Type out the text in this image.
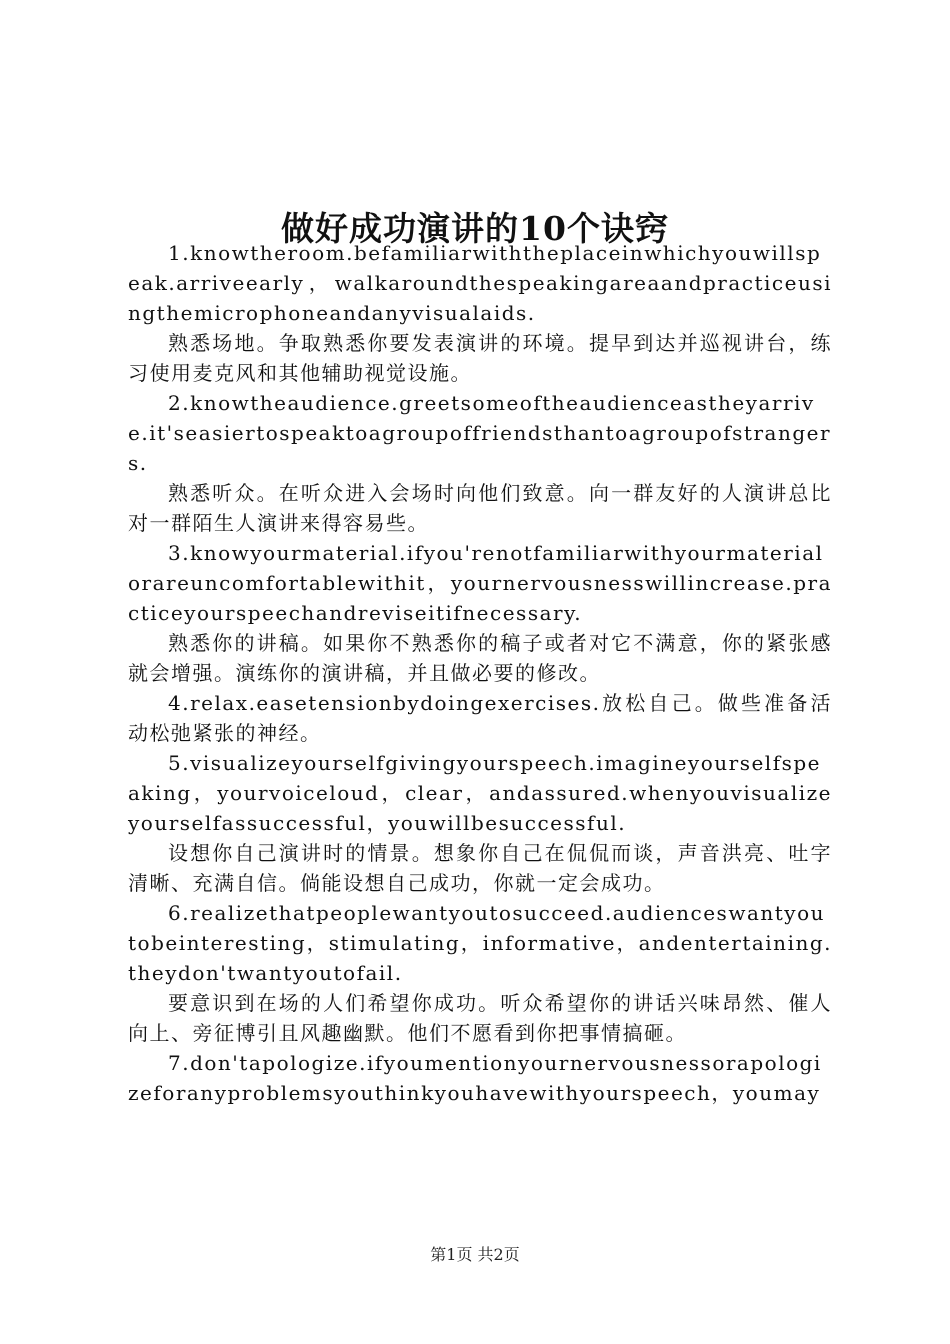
做好成功演讲的10个诀窍

1.knowtheroom.befamiliarwiththeplaceinwhichyouwillspeak.arriveearly，walkaroundthespeakingareaandpracticeusingthemicrophoneandanyvisualaids.

熟悉场地。争取熟悉你要发表演讲的环境。提早到达并巡视讲台，练习使用麦克风和其他辅助视觉设施。

2.knowtheaudience.greetsomeoftheaudienceastheyarrive.it'seasiertospeaktoagroupoffriendsthantoagroupofstrangers.

熟悉听众。在听众进入会场时向他们致意。向一群友好的人演讲总比对一群陌生人演讲来得容易些。

3.knowyourmaterial.ifyou'renotfamiliarwithyourmaterialorareuncomfortablewithit，yournervousnesswillincrease.practiceyourspeechandreviseitifnecessary.

熟悉你的讲稿。如果你不熟悉你的稿子或者对它不满意，你的紧张感就会增强。演练你的演讲稿，并且做必要的修改。

4.relax.easetensionbydoingexercises.放松自己。做些准备活动松弛紧张的神经。

5.visualizeyourselfgivingyourspeech.imagineyourselfspeaking，yourvoiceloud，clear，andassured.whenyouvisualizeyourselfassuccessful，youwillbesuccessful.

设想你自己演讲时的情景。想象你自己在侃侃而谈，声音洪亮、吐字清晰、充满自信。倘能设想自己成功，你就一定会成功。

6.realizethatpeoplewantyoutosucceed.audienceswantyoutobeinteresting，stimulating，informative，andentertaining.theydon'twantyoutofail.

要意识到在场的人们希望你成功。听众希望你的讲话兴味昂然、催人向上、旁征博引且风趣幽默。他们不愿看到你把事情搞砸。

7.don'tapologize.ifyoumentionyournervousnessorapologizeforanyproblemsyouthinkyouhavewithyourspeech，youmay

第1页 共2页
